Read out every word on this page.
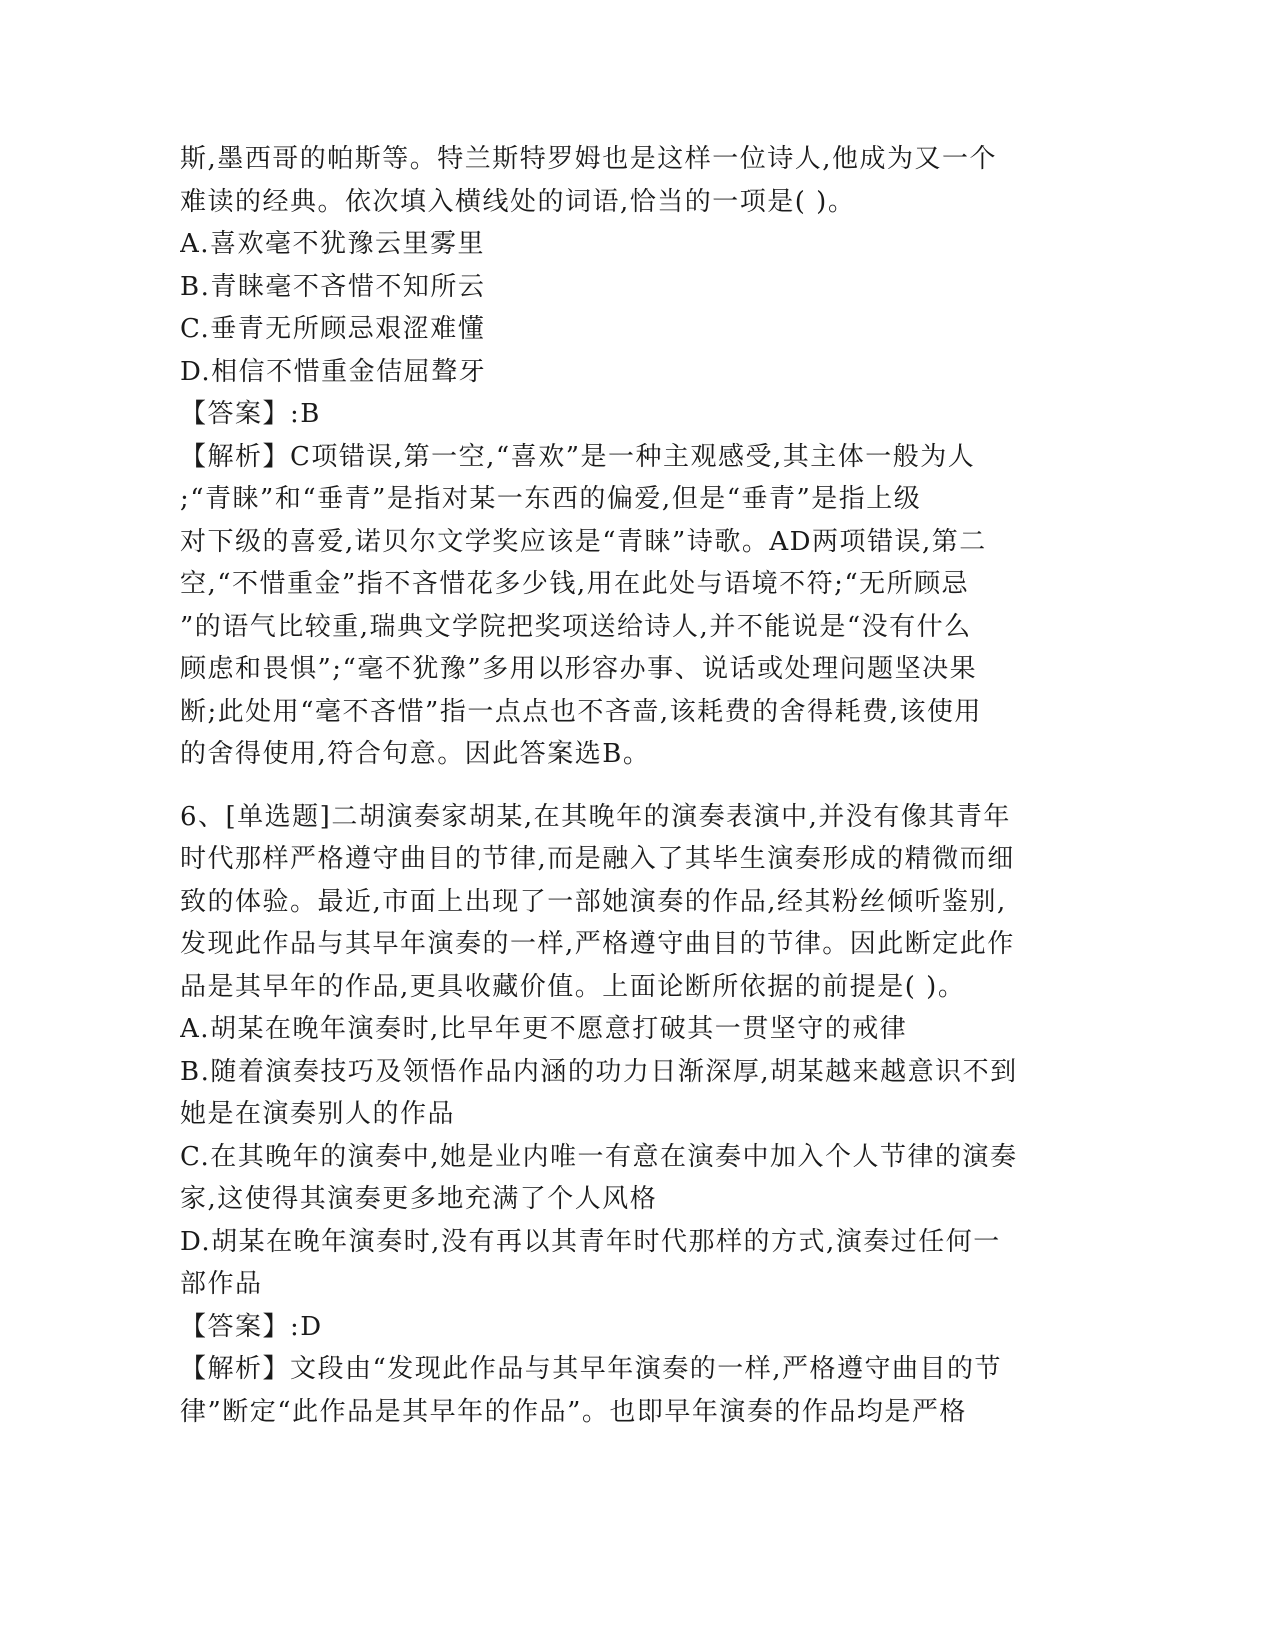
斯,墨西哥的帕斯等。特兰斯特罗姆也是这样一位诗人,他成为又一个
难读的经典。依次填入横线处的词语,恰当的一项是( )。
A.喜欢毫不犹豫云里雾里
B.青睐毫不吝惜不知所云
C.垂青无所顾忌艰涩难懂
D.相信不惜重金佶屈聱牙
【答案】:B
【解析】C项错误,第一空,“喜欢”是一种主观感受,其主体一般为人
;“青睐”和“垂青”是指对某一东西的偏爱,但是“垂青”是指上级
对下级的喜爱,诺贝尔文学奖应该是“青睐”诗歌。AD两项错误,第二
空,“不惜重金”指不吝惜花多少钱,用在此处与语境不符;“无所顾忌
”的语气比较重,瑞典文学院把奖项送给诗人,并不能说是“没有什么
顾虑和畏惧”;“毫不犹豫”多用以形容办事、说话或处理问题坚决果
断;此处用“毫不吝惜”指一点点也不吝啬,该耗费的舍得耗费,该使用
的舍得使用,符合句意。因此答案选B。
6、[单选题]二胡演奏家胡某,在其晚年的演奏表演中,并没有像其青年
时代那样严格遵守曲目的节律,而是融入了其毕生演奏形成的精微而细
致的体验。最近,市面上出现了一部她演奏的作品,经其粉丝倾听鉴别,
发现此作品与其早年演奏的一样,严格遵守曲目的节律。因此断定此作
品是其早年的作品,更具收藏价值。上面论断所依据的前提是( )。
A.胡某在晚年演奏时,比早年更不愿意打破其一贯坚守的戒律
B.随着演奏技巧及领悟作品内涵的功力日渐深厚,胡某越来越意识不到
她是在演奏别人的作品
C.在其晚年的演奏中,她是业内唯一有意在演奏中加入个人节律的演奏
家,这使得其演奏更多地充满了个人风格
D.胡某在晚年演奏时,没有再以其青年时代那样的方式,演奏过任何一
部作品
【答案】:D
【解析】文段由“发现此作品与其早年演奏的一样,严格遵守曲目的节
律”断定“此作品是其早年的作品”。也即早年演奏的作品均是严格
